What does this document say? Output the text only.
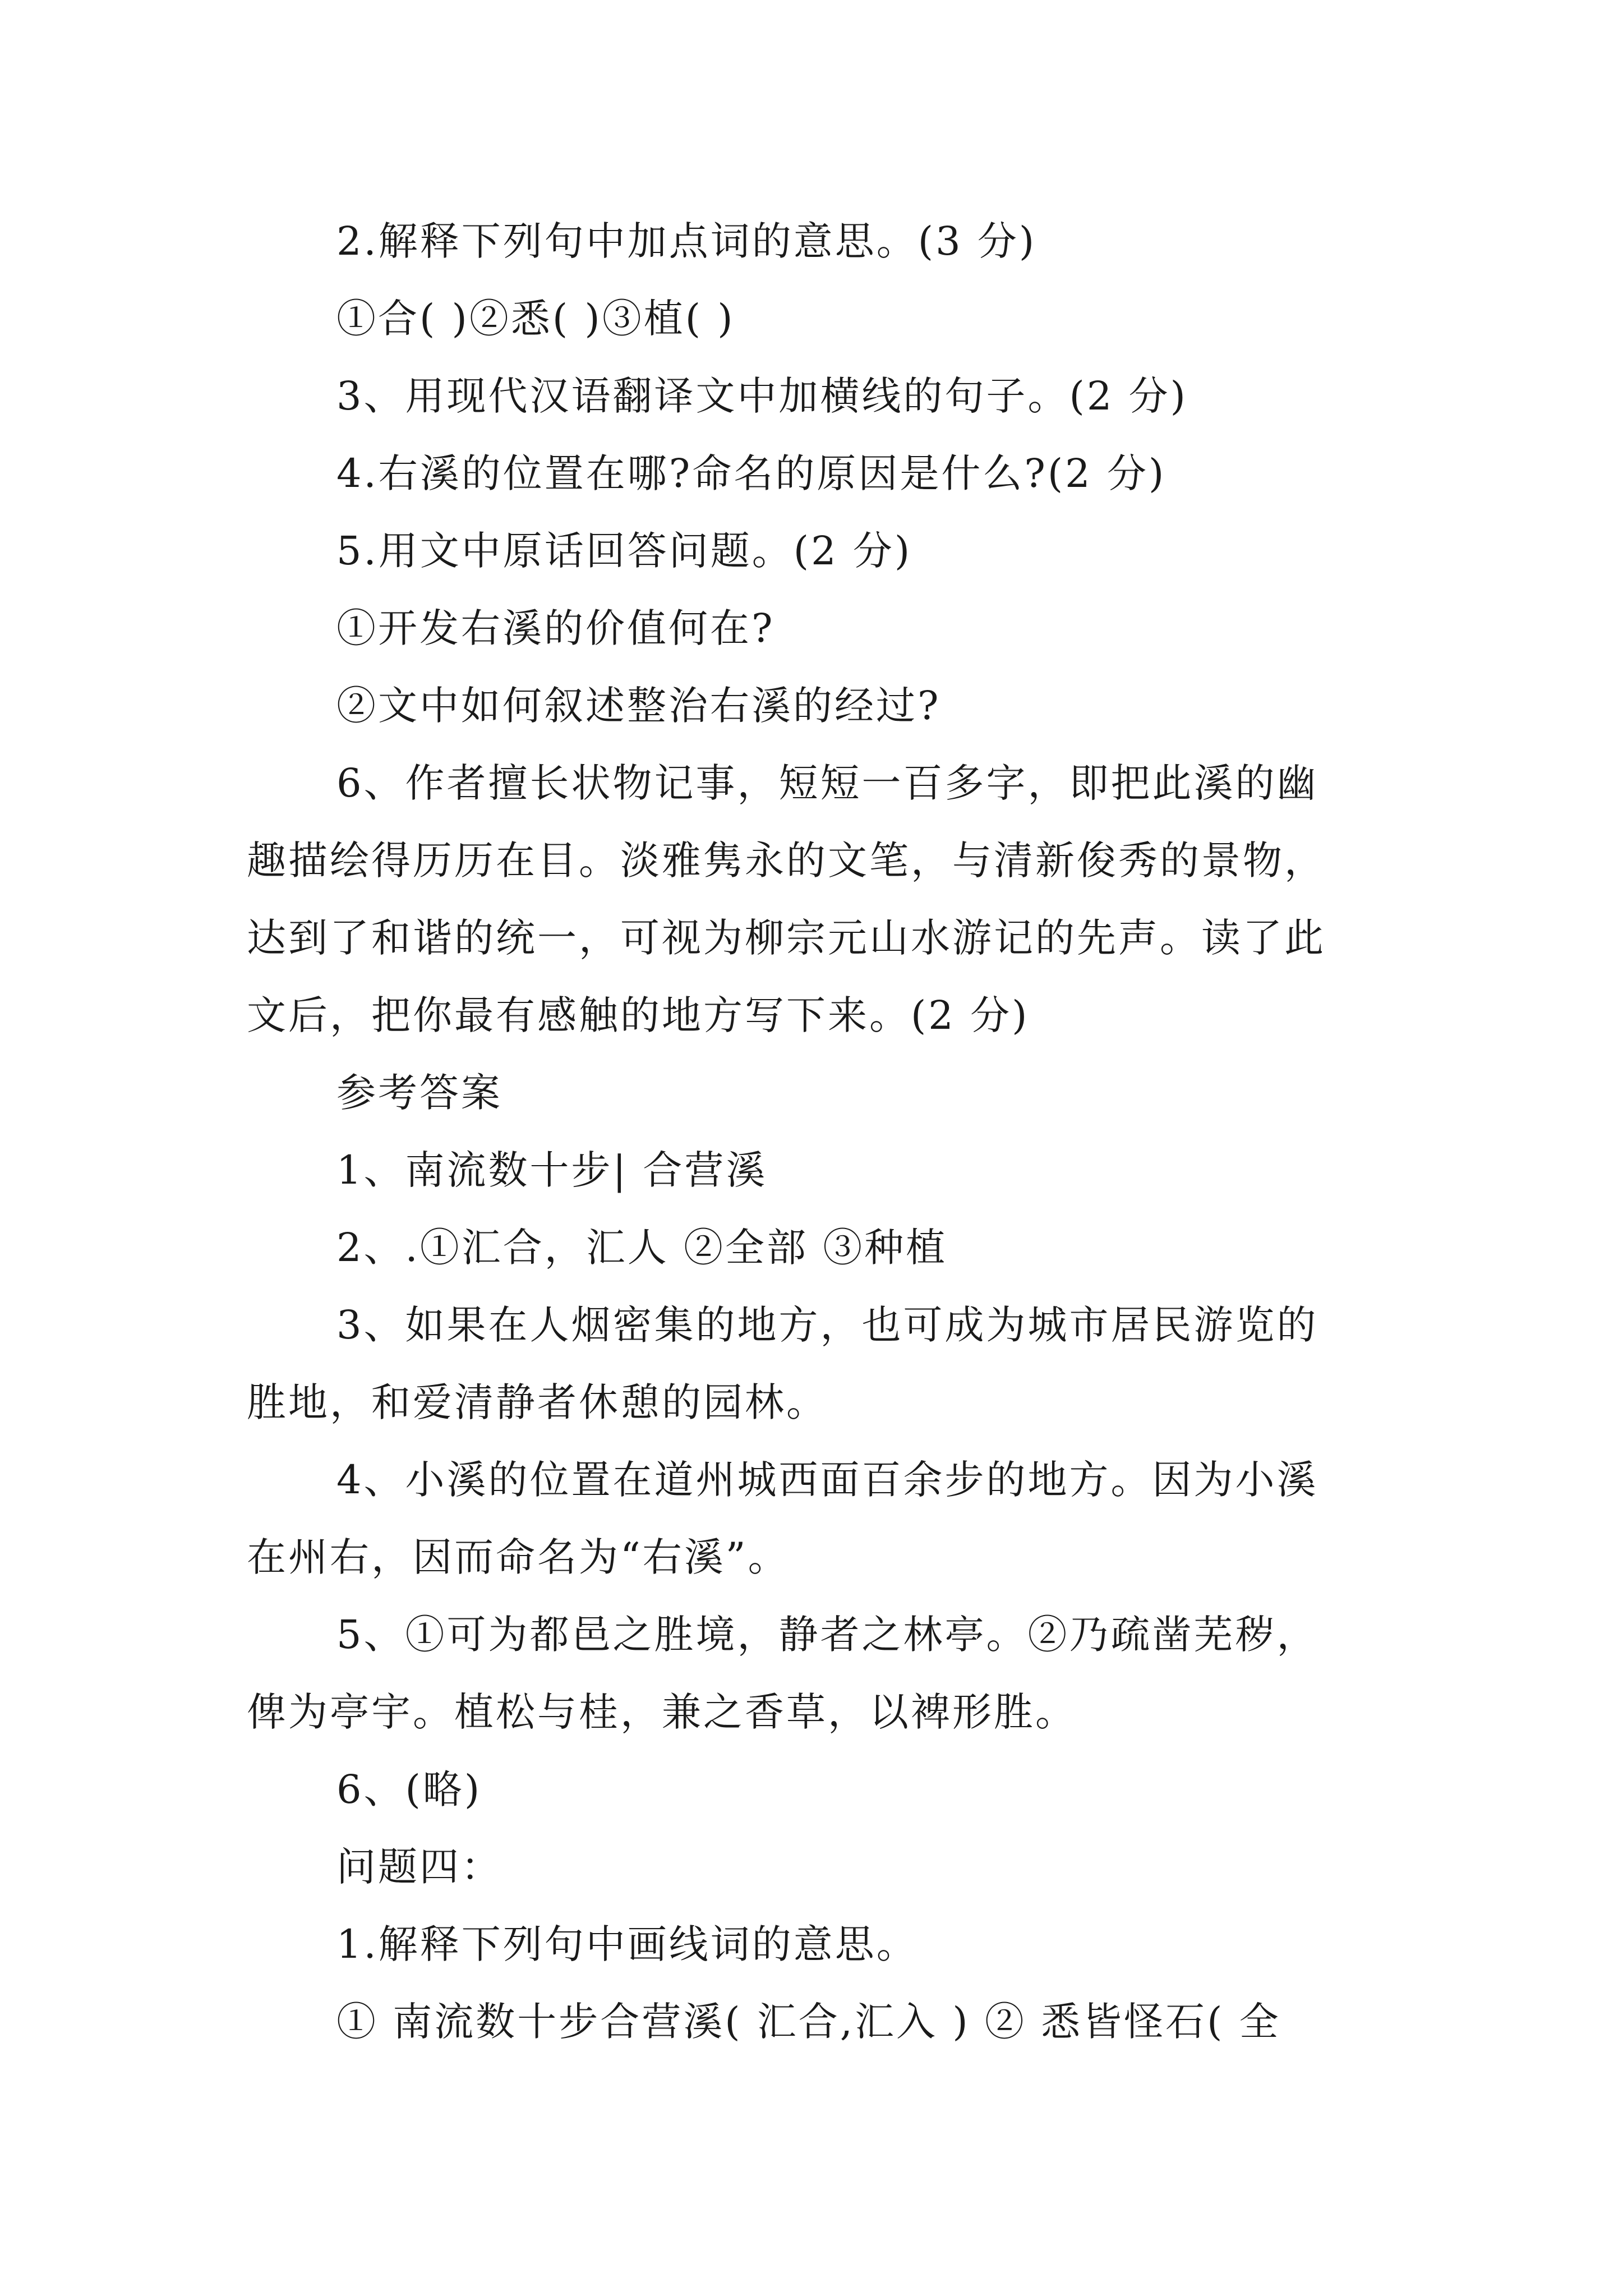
2.解释下列句中加点词的意思。(3 分)
①合( )②悉( )③植( )
3、用现代汉语翻译文中加横线的句子。(2 分)
4.右溪的位置在哪?命名的原因是什么?(2 分)
5.用文中原话回答问题。(2 分)
①开发右溪的价值何在?
②文中如何叙述整治右溪的经过?
6、作者擅长状物记事，短短一百多字，即把此溪的幽
趣描绘得历历在目。淡雅隽永的文笔，与清新俊秀的景物，
达到了和谐的统一，可视为柳宗元山水游记的先声。读了此
文后，把你最有感触的地方写下来。(2 分)
参考答案
1、南流数十步| 合营溪
2、.①汇合，汇人 ②全部 ③种植
3、如果在人烟密集的地方，也可成为城市居民游览的
胜地，和爱清静者休憩的园林。
4、小溪的位置在道州城西面百余步的地方。因为小溪
在州右，因而命名为“右溪”。
5、①可为都邑之胜境，静者之林亭。②乃疏凿芜秽，
俾为亭宇。植松与桂，兼之香草，以裨形胜。
6、(略)
问题四：
1.解释下列句中画线词的意思。
① 南流数十步合营溪( 汇合,汇入 ) ② 悉皆怪石( 全
